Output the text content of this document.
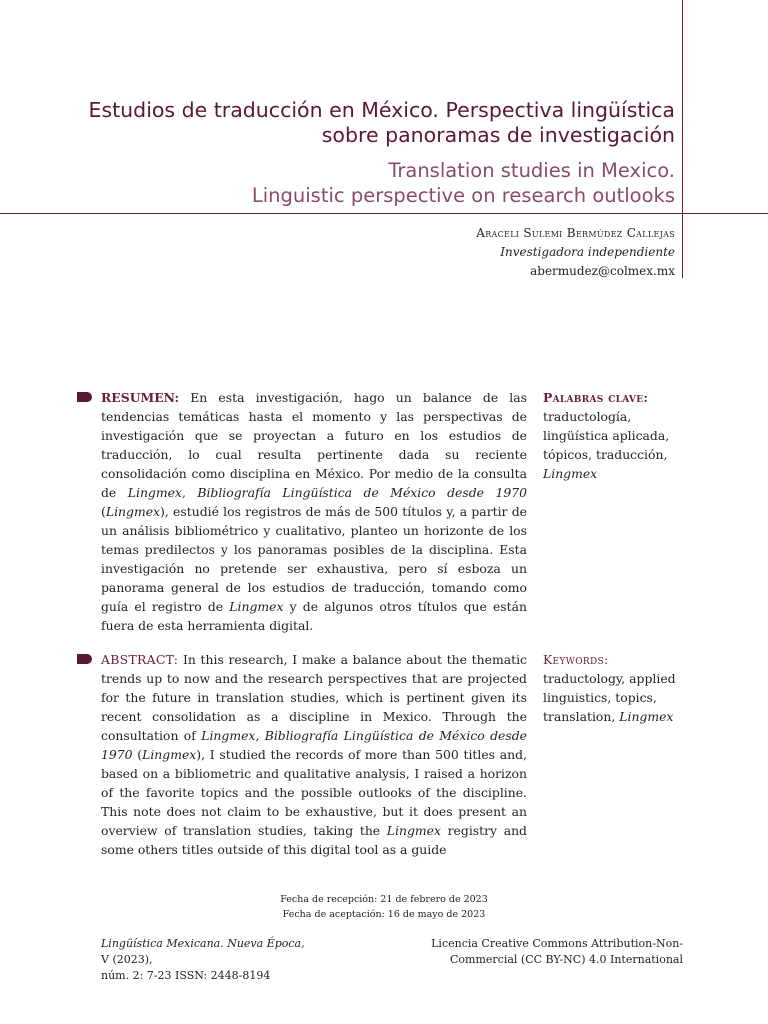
Estudios de traducción en México. Perspectiva lingüística
sobre panoramas de investigación
Translation studies in Mexico.
Linguistic perspective on research outlooks
Araceli Sulemi Bermúdez Callejas
Investigadora independiente
abermudez@colmex.mx

RESUMEN: En esta investigación, hago un balance de las tendencias temáticas hasta el momento y las perspectivas de investigación que se proyectan a futuro en los estudios de traducción, lo cual resulta pertinente dada su reciente consolidación como disciplina en México. Por medio de la consulta de Lingmex, Bibliografía Lingüística de México desde 1970 (Lingmex), estudié los registros de más de 500 títulos y, a partir de un análisis bibliométrico y cualitativo, planteo un horizonte de los temas predilectos y los panoramas posibles de la disciplina. Esta investigación no pretende ser exhaustiva, pero sí esboza un panorama general de los estudios de traducción, tomando como guía el registro de Lingmex y de algunos otros títulos que están fuera de esta herramienta digital.

Palabras clave:
traductología,
lingüística aplicada,
tópicos, traducción,
Lingmex

ABSTRACT: In this research, I make a balance about the thematic trends up to now and the research perspectives that are projected for the future in translation studies, which is pertinent given its recent consolidation as a discipline in Mexico. Through the consultation of Lingmex, Bibliografía Lingüística de México desde 1970 (Lingmex), I studied the records of more than 500 titles and, based on a bibliometric and qualitative analysis, I raised a horizon of the favorite topics and the possible outlooks of the discipline. This note does not claim to be exhaustive, but it does present an overview of translation studies, taking the Lingmex registry and some others titles outside of this digital tool as a guide

Keywords:
traductology, applied
linguistics, topics,
translation, Lingmex
Fecha de recepción: 21 de febrero de 2023
Fecha de aceptación: 16 de mayo de 2023
Lingüística Mexicana. Nueva Época,
V (2023),
núm. 2: 7-23 ISSN: 2448-8194
Licencia Creative Commons Attribution-Non-
Commercial (CC BY-NC) 4.0 International
